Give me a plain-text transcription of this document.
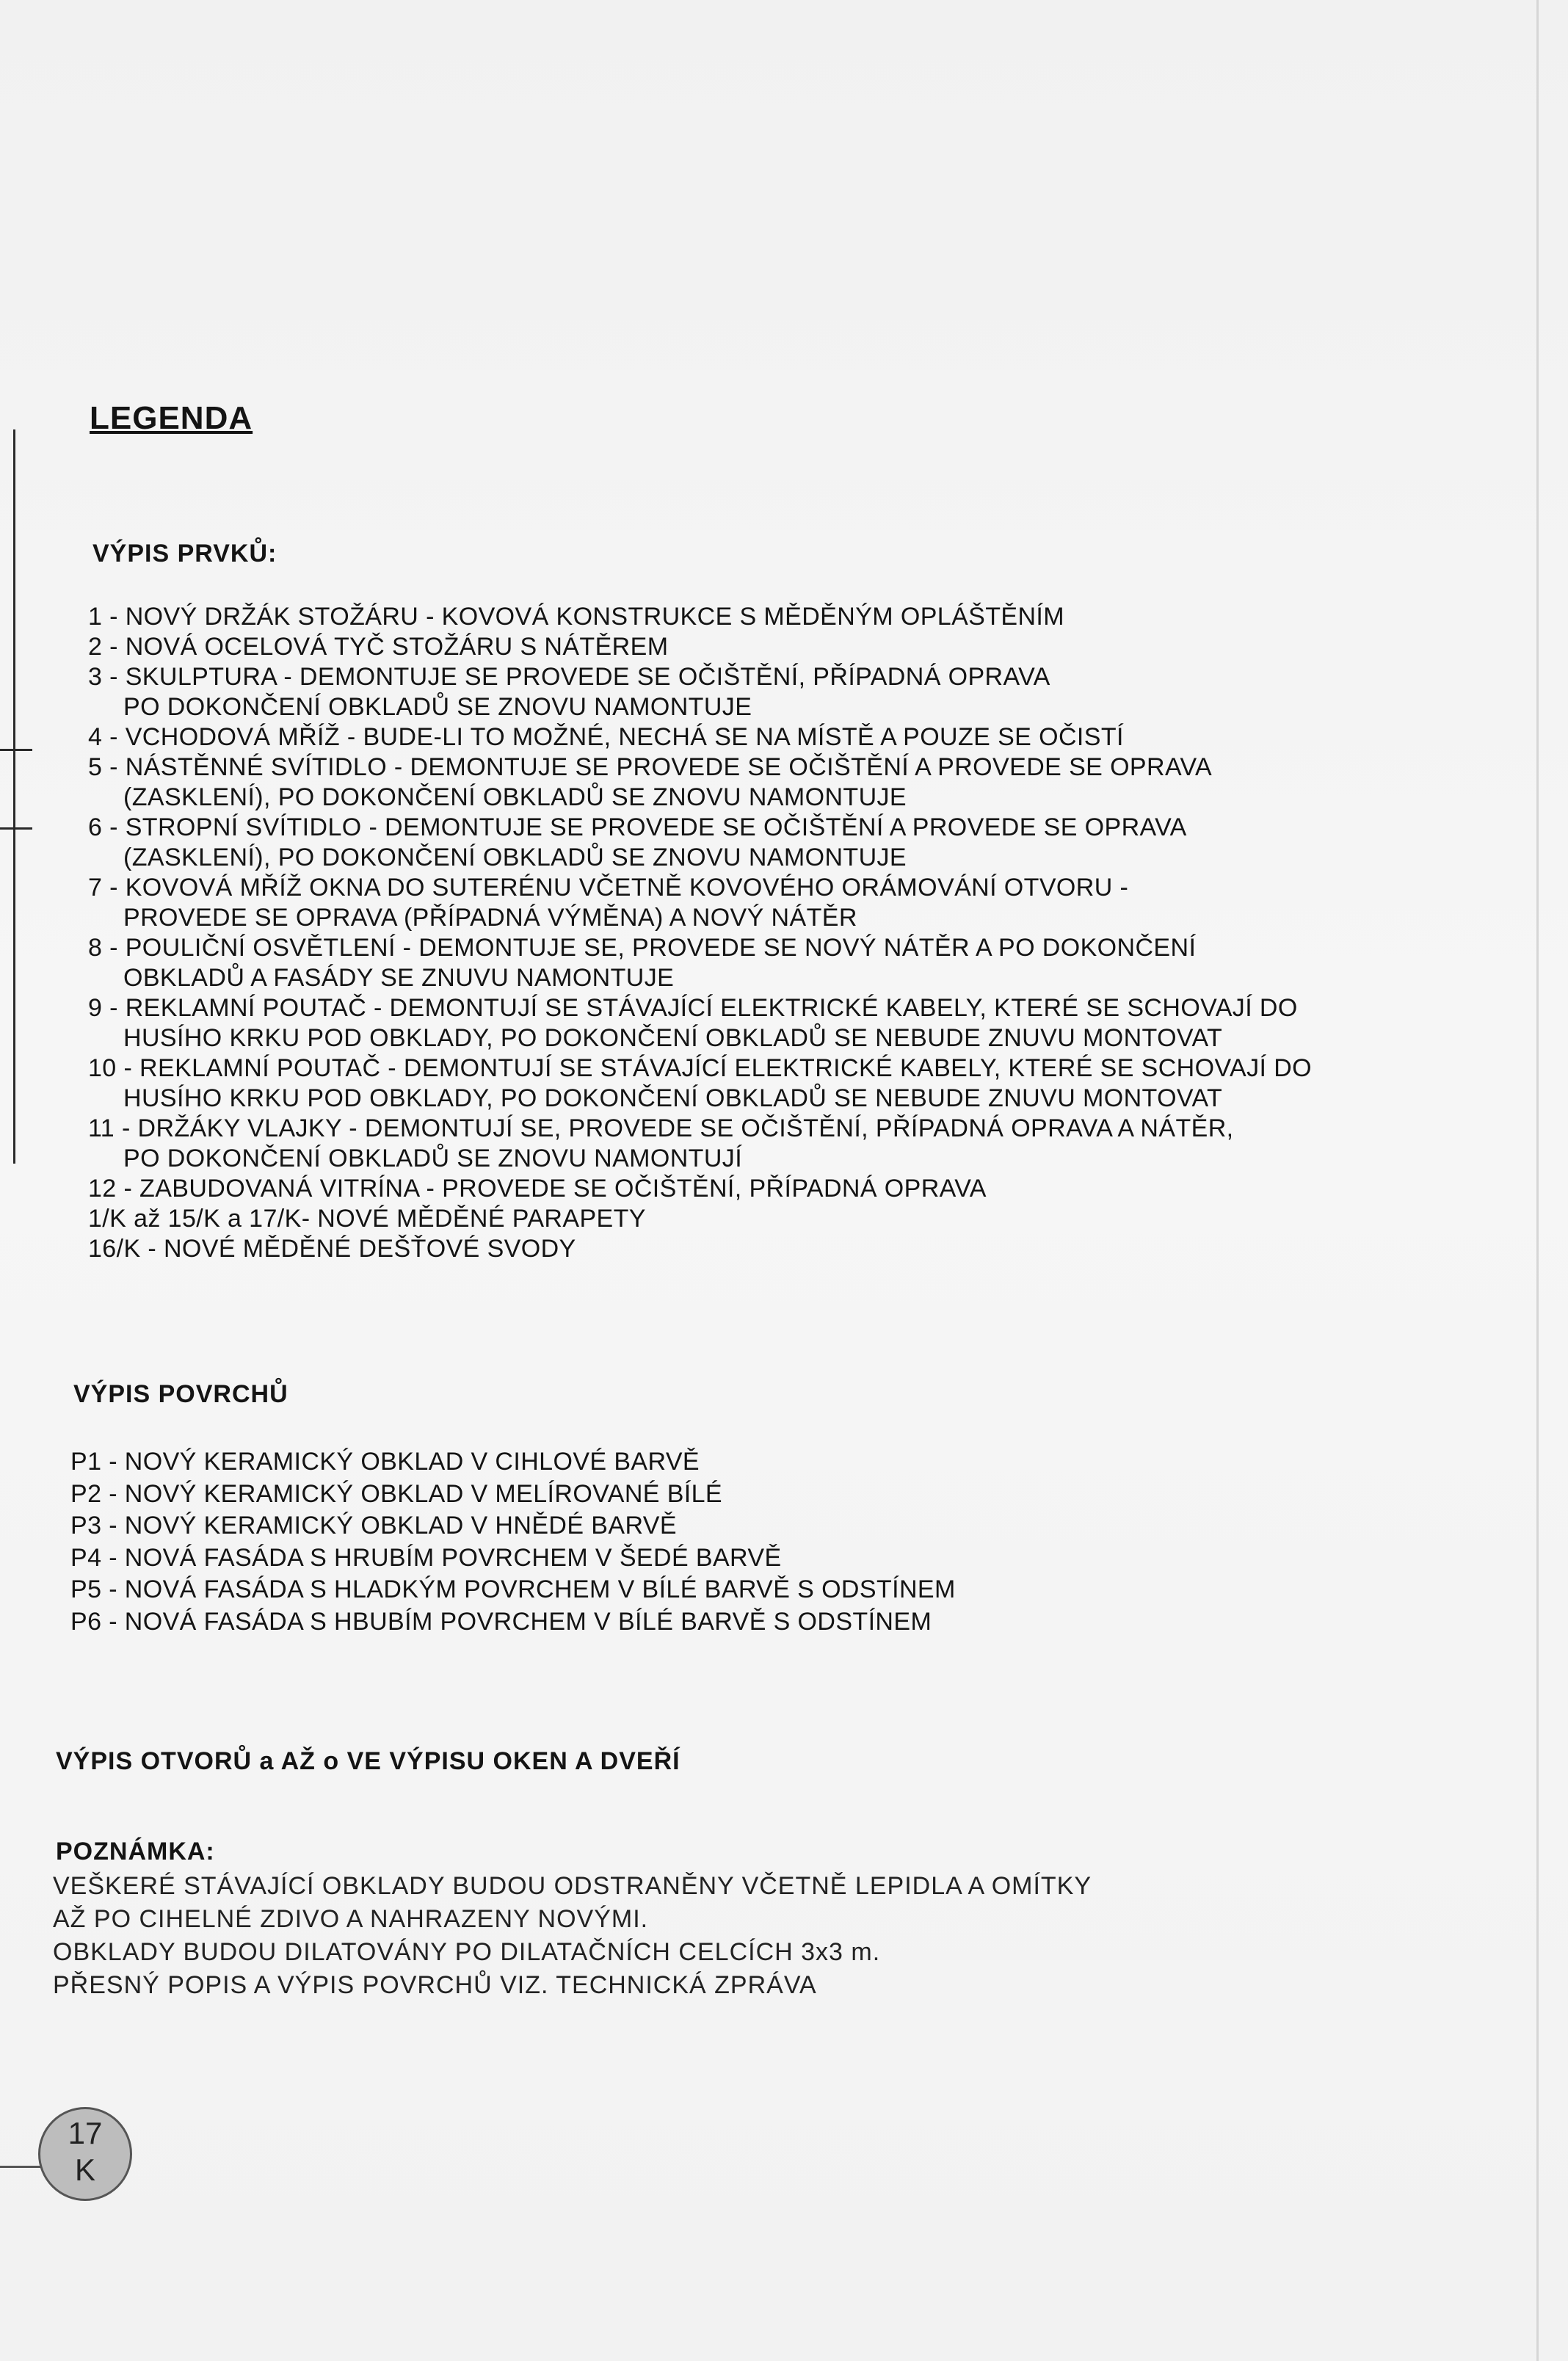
LEGENDA
VÝPIS PRVKŮ:
1 - NOVÝ DRŽÁK STOŽÁRU - KOVOVÁ KONSTRUKCE S MĚDĚNÝM OPLÁŠTĚNÍM
2 - NOVÁ OCELOVÁ TYČ STOŽÁRU S NÁTĚREM
3 - SKULPTURA - DEMONTUJE SE PROVEDE SE OČIŠTĚNÍ, PŘÍPADNÁ OPRAVA
PO DOKONČENÍ OBKLADŮ SE ZNOVU NAMONTUJE
4 - VCHODOVÁ MŘÍŽ - BUDE-LI TO MOŽNÉ, NECHÁ SE NA MÍSTĚ A POUZE SE OČISTÍ
5 - NÁSTĚNNÉ SVÍTIDLO - DEMONTUJE SE PROVEDE SE OČIŠTĚNÍ A PROVEDE SE OPRAVA
(ZASKLENÍ), PO DOKONČENÍ OBKLADŮ SE ZNOVU NAMONTUJE
6 - STROPNÍ SVÍTIDLO - DEMONTUJE SE PROVEDE SE OČIŠTĚNÍ A PROVEDE SE OPRAVA
(ZASKLENÍ), PO DOKONČENÍ OBKLADŮ SE ZNOVU NAMONTUJE
7 - KOVOVÁ MŘÍŽ OKNA DO SUTERÉNU VČETNĚ KOVOVÉHO ORÁMOVÁNÍ OTVORU -
PROVEDE SE OPRAVA (PŘÍPADNÁ VÝMĚNA) A NOVÝ NÁTĚR
8 - POULIČNÍ OSVĚTLENÍ - DEMONTUJE SE, PROVEDE SE NOVÝ NÁTĚR A PO DOKONČENÍ
OBKLADŮ A FASÁDY SE ZNUVU NAMONTUJE
9 - REKLAMNÍ POUTAČ - DEMONTUJÍ SE STÁVAJÍCÍ ELEKTRICKÉ KABELY, KTERÉ SE SCHOVAJÍ DO
HUSÍHO KRKU POD OBKLADY, PO DOKONČENÍ OBKLADŮ SE NEBUDE ZNUVU MONTOVAT
10 - REKLAMNÍ POUTAČ - DEMONTUJÍ SE STÁVAJÍCÍ ELEKTRICKÉ KABELY, KTERÉ SE SCHOVAJÍ DO
HUSÍHO KRKU POD OBKLADY, PO DOKONČENÍ OBKLADŮ SE NEBUDE ZNUVU MONTOVAT
11 - DRŽÁKY VLAJKY - DEMONTUJÍ SE, PROVEDE SE OČIŠTĚNÍ, PŘÍPADNÁ OPRAVA A NÁTĚR,
PO DOKONČENÍ OBKLADŮ SE ZNOVU NAMONTUJÍ
12 - ZABUDOVANÁ VITRÍNA - PROVEDE SE OČIŠTĚNÍ, PŘÍPADNÁ OPRAVA
1/K až 15/K a 17/K- NOVÉ MĚDĚNÉ PARAPETY
16/K - NOVÉ MĚDĚNÉ DEŠŤOVÉ SVODY
VÝPIS POVRCHŮ
P1 - NOVÝ KERAMICKÝ OBKLAD V CIHLOVÉ BARVĚ
P2 - NOVÝ KERAMICKÝ OBKLAD V MELÍROVANÉ BÍLÉ
P3 - NOVÝ KERAMICKÝ OBKLAD V HNĚDÉ BARVĚ
P4 - NOVÁ FASÁDA S HRUBÍM POVRCHEM V ŠEDÉ BARVĚ
P5 - NOVÁ FASÁDA S HLADKÝM POVRCHEM V BÍLÉ BARVĚ S ODSTÍNEM
P6 - NOVÁ FASÁDA S HBUBÍM POVRCHEM V BÍLÉ BARVĚ S ODSTÍNEM
VÝPIS OTVORŮ a AŽ o VE VÝPISU OKEN A DVEŘÍ
POZNÁMKA:
VEŠKERÉ STÁVAJÍCÍ OBKLADY BUDOU ODSTRANĚNY VČETNĚ LEPIDLA A OMÍTKY
AŽ PO CIHELNÉ ZDIVO A NAHRAZENY NOVÝMI.
OBKLADY BUDOU DILATOVÁNY PO DILATAČNÍCH CELCÍCH 3x3 m.
PŘESNÝ POPIS A VÝPIS POVRCHŮ VIZ. TECHNICKÁ ZPRÁVA
17
K
